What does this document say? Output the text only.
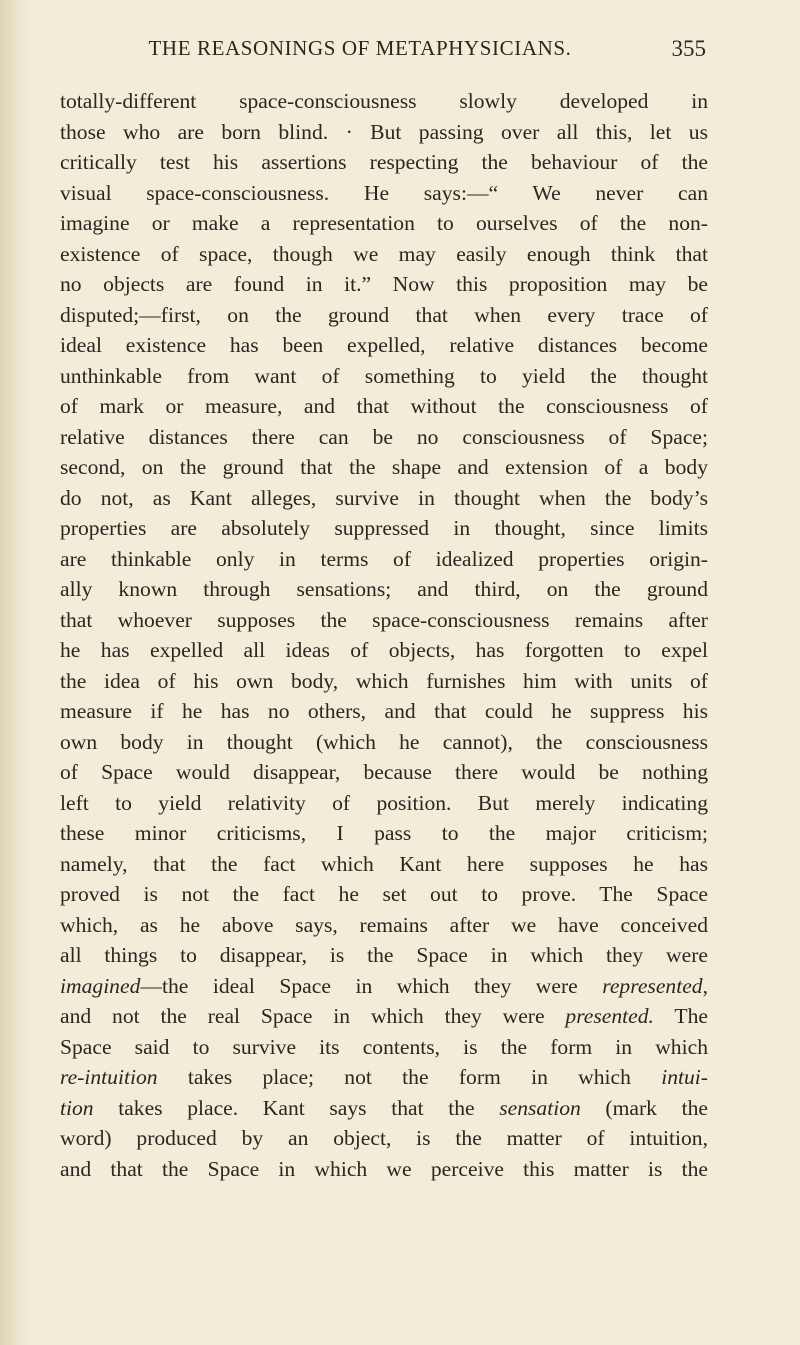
THE REASONINGS OF METAPHYSICIANS.	355
totally-different space-consciousness slowly developed in
those who are born blind. · But passing over all this, let us
critically test his assertions respecting the behaviour of the
visual space-consciousness. He says:—“ We never can
imagine or make a representation to ourselves of the non-
existence of space, though we may easily enough think that
no objects are found in it.” Now this proposition may be
disputed;—first, on the ground that when every trace of
ideal existence has been expelled, relative distances become
unthinkable from want of something to yield the thought
of mark or measure, and that without the consciousness of
relative distances there can be no consciousness of Space;
second, on the ground that the shape and extension of a body
do not, as Kant alleges, survive in thought when the body’s
properties are absolutely suppressed in thought, since limits
are thinkable only in terms of idealized properties origin-
ally known through sensations; and third, on the ground
that whoever supposes the space-consciousness remains after
he has expelled all ideas of objects, has forgotten to expel
the idea of his own body, which furnishes him with units of
measure if he has no others, and that could he suppress his
own body in thought (which he cannot), the consciousness
of Space would disappear, because there would be nothing
left to yield relativity of position. But merely indicating
these minor criticisms, I pass to the major criticism;
namely, that the fact which Kant here supposes he has
proved is not the fact he set out to prove. The Space
which, as he above says, remains after we have conceived
all things to disappear, is the Space in which they were
imagined—the ideal Space in which they were represented,
and not the real Space in which they were presented. The
Space said to survive its contents, is the form in which
re-intuition takes place; not the form in which intui-
tion takes place. Kant says that the sensation (mark the
word) produced by an object, is the matter of intuition,
and that the Space in which we perceive this matter is the
